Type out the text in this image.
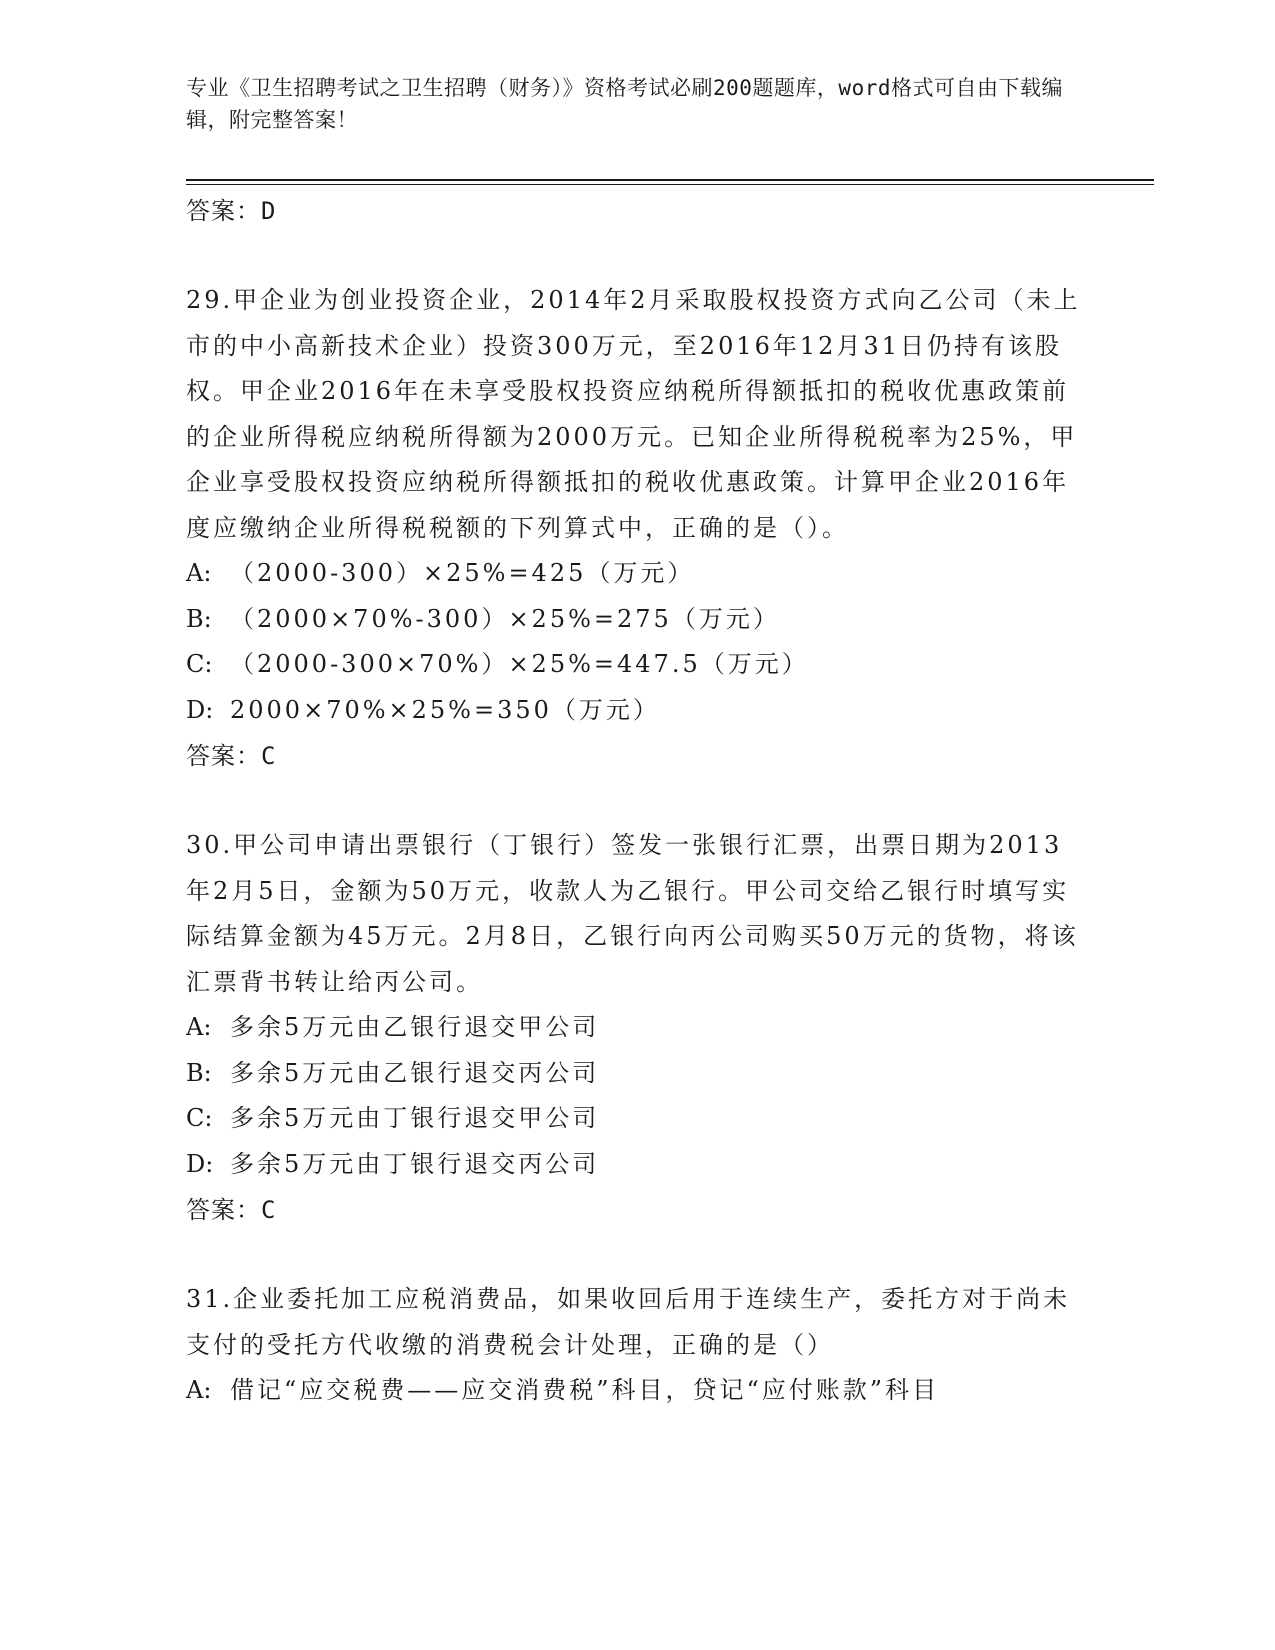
专业《卫生招聘考试之卫生招聘（财务）》资格考试必刷200题题库，word格式可自由下载编辑，附完整答案！
答案：D
29.甲企业为创业投资企业，2014年2月采取股权投资方式向乙公司（未上市的中小高新技术企业）投资300万元，至2016年12月31日仍持有该股权。甲企业2016年在未享受股权投资应纳税所得额抵扣的税收优惠政策前的企业所得税应纳税所得额为2000万元。已知企业所得税税率为25%，甲企业享受股权投资应纳税所得额抵扣的税收优惠政策。计算甲企业2016年度应缴纳企业所得税税额的下列算式中，正确的是（）。
A: （2000-300）×25%=425（万元）
B: （2000×70%-300）×25%=275（万元）
C: （2000-300×70%）×25%=447.5（万元）
D: 2000×70%×25%=350（万元）
答案：C
30.甲公司申请出票银行（丁银行）签发一张银行汇票，出票日期为2013年2月5日，金额为50万元，收款人为乙银行。甲公司交给乙银行时填写实际结算金额为45万元。2月8日，乙银行向丙公司购买50万元的货物，将该汇票背书转让给丙公司。
A: 多余5万元由乙银行退交甲公司
B: 多余5万元由乙银行退交丙公司
C: 多余5万元由丁银行退交甲公司
D: 多余5万元由丁银行退交丙公司
答案：C
31.企业委托加工应税消费品，如果收回后用于连续生产，委托方对于尚未支付的受托方代收缴的消费税会计处理，正确的是（）
A: 借记“应交税费——应交消费税”科目，贷记“应付账款”科目
